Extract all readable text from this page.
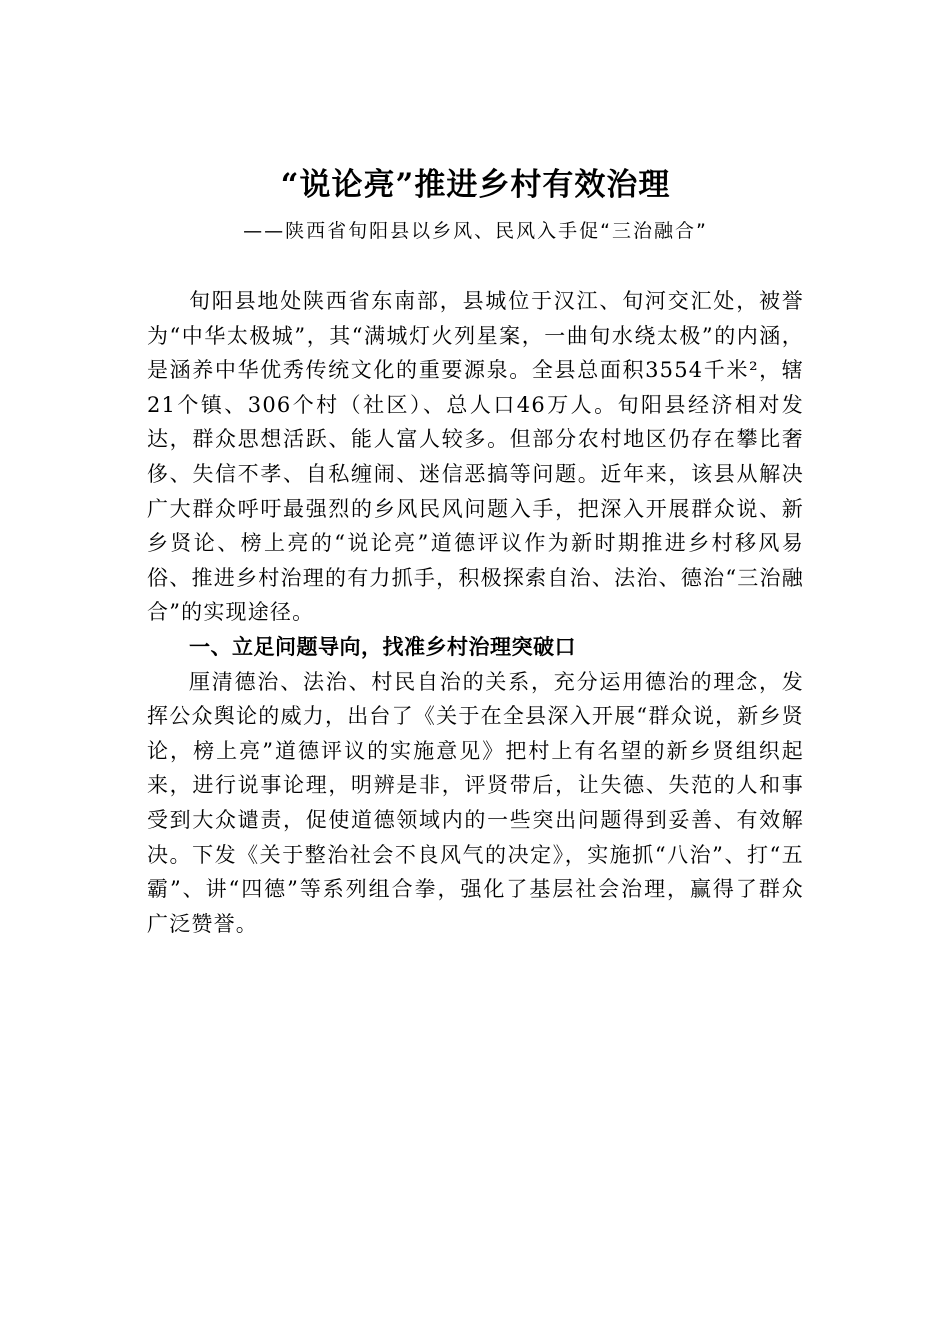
“说论亮”推进乡村有效治理
——陕西省旬阳县以乡风、民风入手促“三治融合”

旬阳县地处陕西省东南部，县城位于汉江、旬河交汇处，被誉为“中华太极城”，其“满城灯火列星案，一曲旬水绕太极”的内涵，是涵养中华优秀传统文化的重要源泉。全县总面积3554千米²，辖21个镇、306个村（社区）、总人口46万人。旬阳县经济相对发达，群众思想活跃、能人富人较多。但部分农村地区仍存在攀比奢侈、失信不孝、自私缠闹、迷信恶搞等问题。近年来，该县从解决广大群众呼吁最强烈的乡风民风问题入手，把深入开展群众说、新乡贤论、榜上亮的“说论亮”道德评议作为新时期推进乡村移风易俗、推进乡村治理的有力抓手，积极探索自治、法治、德治“三治融合”的实现途径。

一、立足问题导向，找准乡村治理突破口

厘清德治、法治、村民自治的关系，充分运用德治的理念，发挥公众舆论的威力，出台了《关于在全县深入开展“群众说，新乡贤论，榜上亮”道德评议的实施意见》把村上有名望的新乡贤组织起来，进行说事论理，明辨是非，评贤带后，让失德、失范的人和事受到大众谴责，促使道德领域内的一些突出问题得到妥善、有效解决。下发《关于整治社会不良风气的决定》，实施抓“八治”、打“五霸”、讲“四德”等系列组合拳，强化了基层社会治理，赢得了群众广泛赞誉。
